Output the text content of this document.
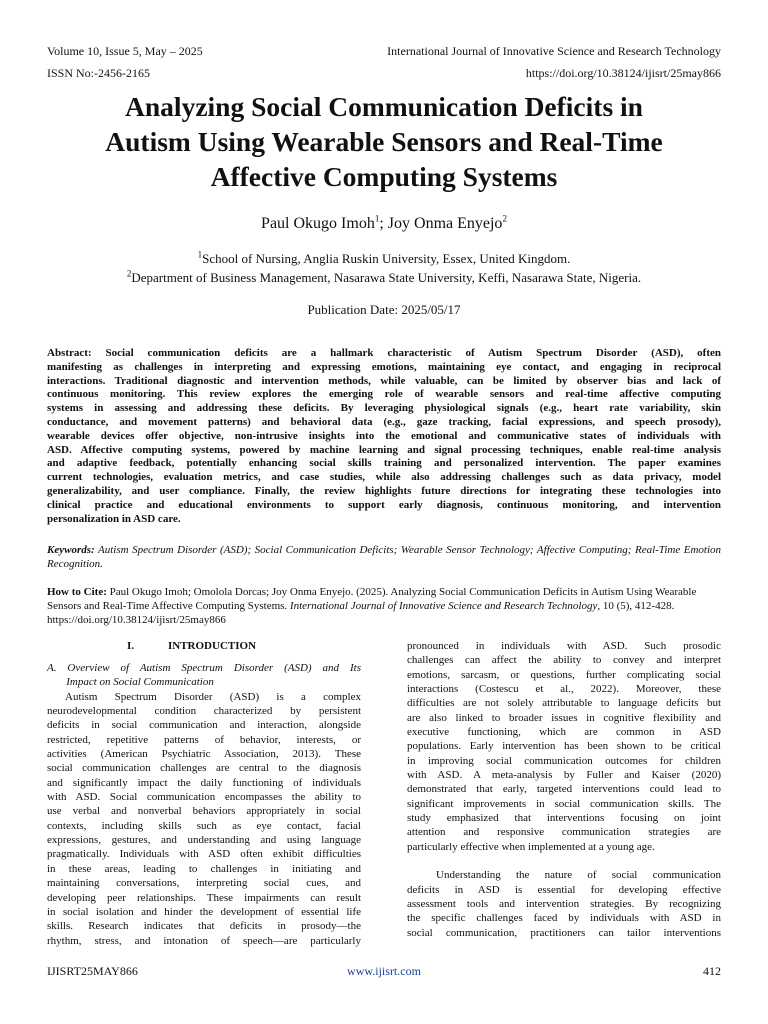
Volume 10, Issue 5, May – 2025	International Journal of Innovative Science and Research Technology
ISSN No:-2456-2165	https://doi.org/10.38124/ijisrt/25may866
Analyzing Social Communication Deficits in
Autism Using Wearable Sensors and Real-Time
Affective Computing Systems
Paul Okugo Imoh$^1$; Joy Onma Enyejo$^2$
$^1$School of Nursing, Anglia Ruskin University, Essex, United Kingdom.
$^2$Department of Business Management, Nasarawa State University, Keffi, Nasarawa State, Nigeria.
Publication Date: 2025/05/17
Abstract: Social communication deficits are a hallmark characteristic of Autism Spectrum Disorder (ASD), often
manifesting as challenges in interpreting and expressing emotions, maintaining eye contact, and engaging in reciprocal
interactions. Traditional diagnostic and intervention methods, while valuable, can be limited by observer bias and lack of
continuous monitoring. This review explores the emerging role of wearable sensors and real-time affective computing
systems in assessing and addressing these deficits. By leveraging physiological signals (e.g., heart rate variability, skin
conductance, and movement patterns) and behavioral data (e.g., gaze tracking, facial expressions, and speech prosody),
wearable devices offer objective, non-intrusive insights into the emotional and communicative states of individuals with
ASD. Affective computing systems, powered by machine learning and signal processing techniques, enable real-time analysis
and adaptive feedback, potentially enhancing social skills training and personalized intervention. The paper examines
current technologies, evaluation metrics, and case studies, while also addressing challenges such as data privacy, model
generalizability, and user compliance. Finally, the review highlights future directions for integrating these technologies into
clinical practice and educational environments to support early diagnosis, continuous monitoring, and intervention
personalization in ASD care.
Keywords: Autism Spectrum Disorder (ASD); Social Communication Deficits; Wearable Sensor Technology; Affective Computing; Real-Time Emotion Recognition.
How to Cite: Paul Okugo Imoh; Omolola Dorcas; Joy Onma Enyejo. (2025). Analyzing Social Communication Deficits in Autism Using Wearable Sensors and Real-Time Affective Computing Systems. International Journal of Innovative Science and Research Technology, 10 (5), 412-428. https://doi.org/10.38124/ijisrt/25may866
I.	INTRODUCTION
A. Overview of Autism Spectrum Disorder (ASD) and Its
Impact on Social Communication
Autism Spectrum Disorder (ASD) is a complex
neurodevelopmental condition characterized by persistent
deficits in social communication and interaction, alongside
restricted, repetitive patterns of behavior, interests, or
activities (American Psychiatric Association, 2013). These
social communication challenges are central to the diagnosis
and significantly impact the daily functioning of individuals
with ASD. Social communication encompasses the ability to
use verbal and nonverbal behaviors appropriately in social
contexts, including skills such as eye contact, facial
expressions, gestures, and understanding and using language
pragmatically. Individuals with ASD often exhibit difficulties
in these areas, leading to challenges in initiating and
maintaining conversations, interpreting social cues, and
developing peer relationships. These impairments can result
in social isolation and hinder the development of essential life
skills. Research indicates that deficits in prosody—the
rhythm, stress, and intonation of speech—are particularly
pronounced in individuals with ASD. Such prosodic
challenges can affect the ability to convey and interpret
emotions, sarcasm, or questions, further complicating social
interactions (Costescu et al., 2022). Moreover, these
difficulties are not solely attributable to language deficits but
are also linked to broader issues in cognitive flexibility and
executive functioning, which are common in ASD
populations. Early intervention has been shown to be critical
in improving social communication outcomes for children
with ASD. A meta-analysis by Fuller and Kaiser (2020)
demonstrated that early, targeted interventions could lead to
significant improvements in social communication skills. The
study emphasized that interventions focusing on joint
attention and responsive communication strategies are
particularly effective when implemented at a young age.
Understanding the nature of social communication
deficits in ASD is essential for developing effective
assessment tools and intervention strategies. By recognizing
the specific challenges faced by individuals with ASD in
social communication, practitioners can tailor interventions
IJISRT25MAY866	www.ijisrt.com	412
